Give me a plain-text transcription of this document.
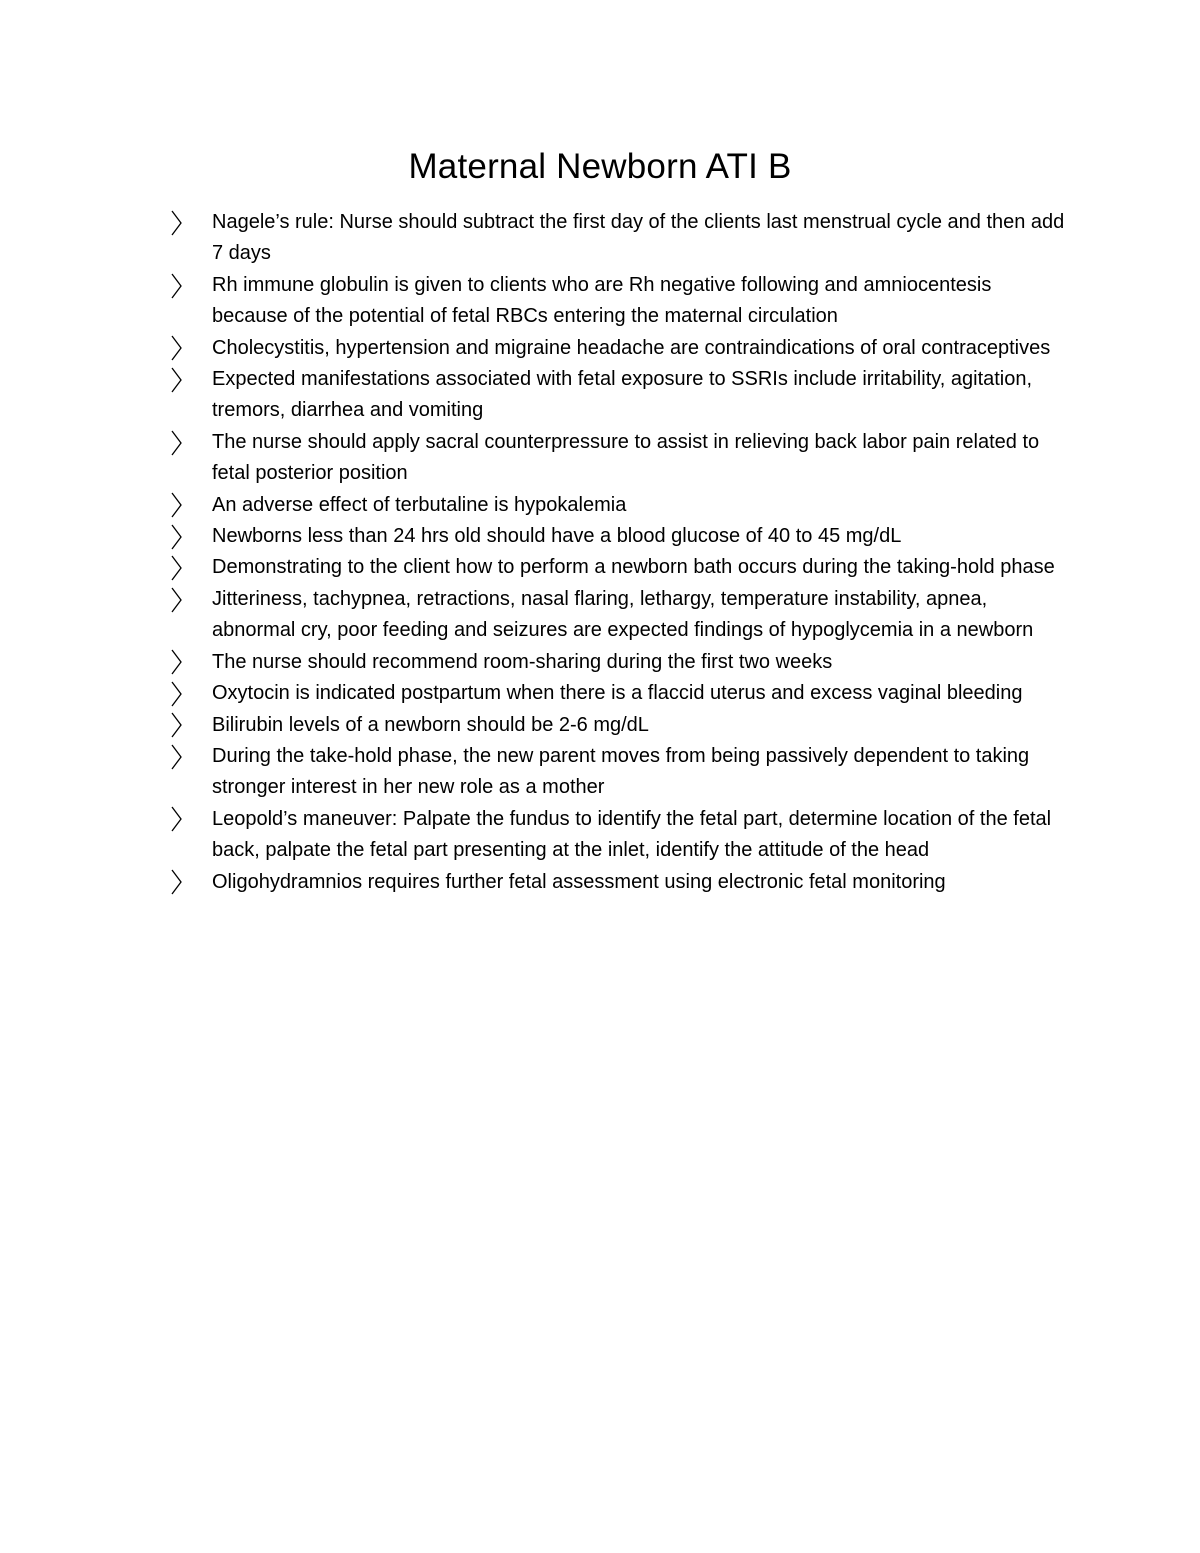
Maternal Newborn ATI B
Nagele’s rule: Nurse should subtract the first day of the clients last menstrual cycle and then add 7 days
Rh immune globulin is given to clients who are Rh negative following and amniocentesis because of the potential of fetal RBCs entering the maternal circulation
Cholecystitis, hypertension and migraine headache are contraindications of oral contraceptives
Expected manifestations associated with fetal exposure to SSRIs include irritability, agitation, tremors, diarrhea and vomiting
The nurse should apply sacral counterpressure to assist in relieving back labor pain related to fetal posterior position
An adverse effect of terbutaline is hypokalemia
Newborns less than 24 hrs old should have a blood glucose of 40 to 45 mg/dL
Demonstrating to the client how to perform a newborn bath occurs during the taking-hold phase
Jitteriness, tachypnea, retractions, nasal flaring, lethargy, temperature instability, apnea, abnormal cry, poor feeding and seizures are expected findings of hypoglycemia in a newborn
The nurse should recommend room-sharing during the first two weeks
Oxytocin is indicated postpartum when there is a flaccid uterus and excess vaginal bleeding
Bilirubin levels of a newborn should be 2-6 mg/dL
During the take-hold phase, the new parent moves from being passively dependent to taking stronger interest in her new role as a mother
Leopold’s maneuver: Palpate the fundus to identify the fetal part, determine location of the fetal back, palpate the fetal part presenting at the inlet, identify the attitude of the head
Oligohydramnios requires further fetal assessment using electronic fetal monitoring
